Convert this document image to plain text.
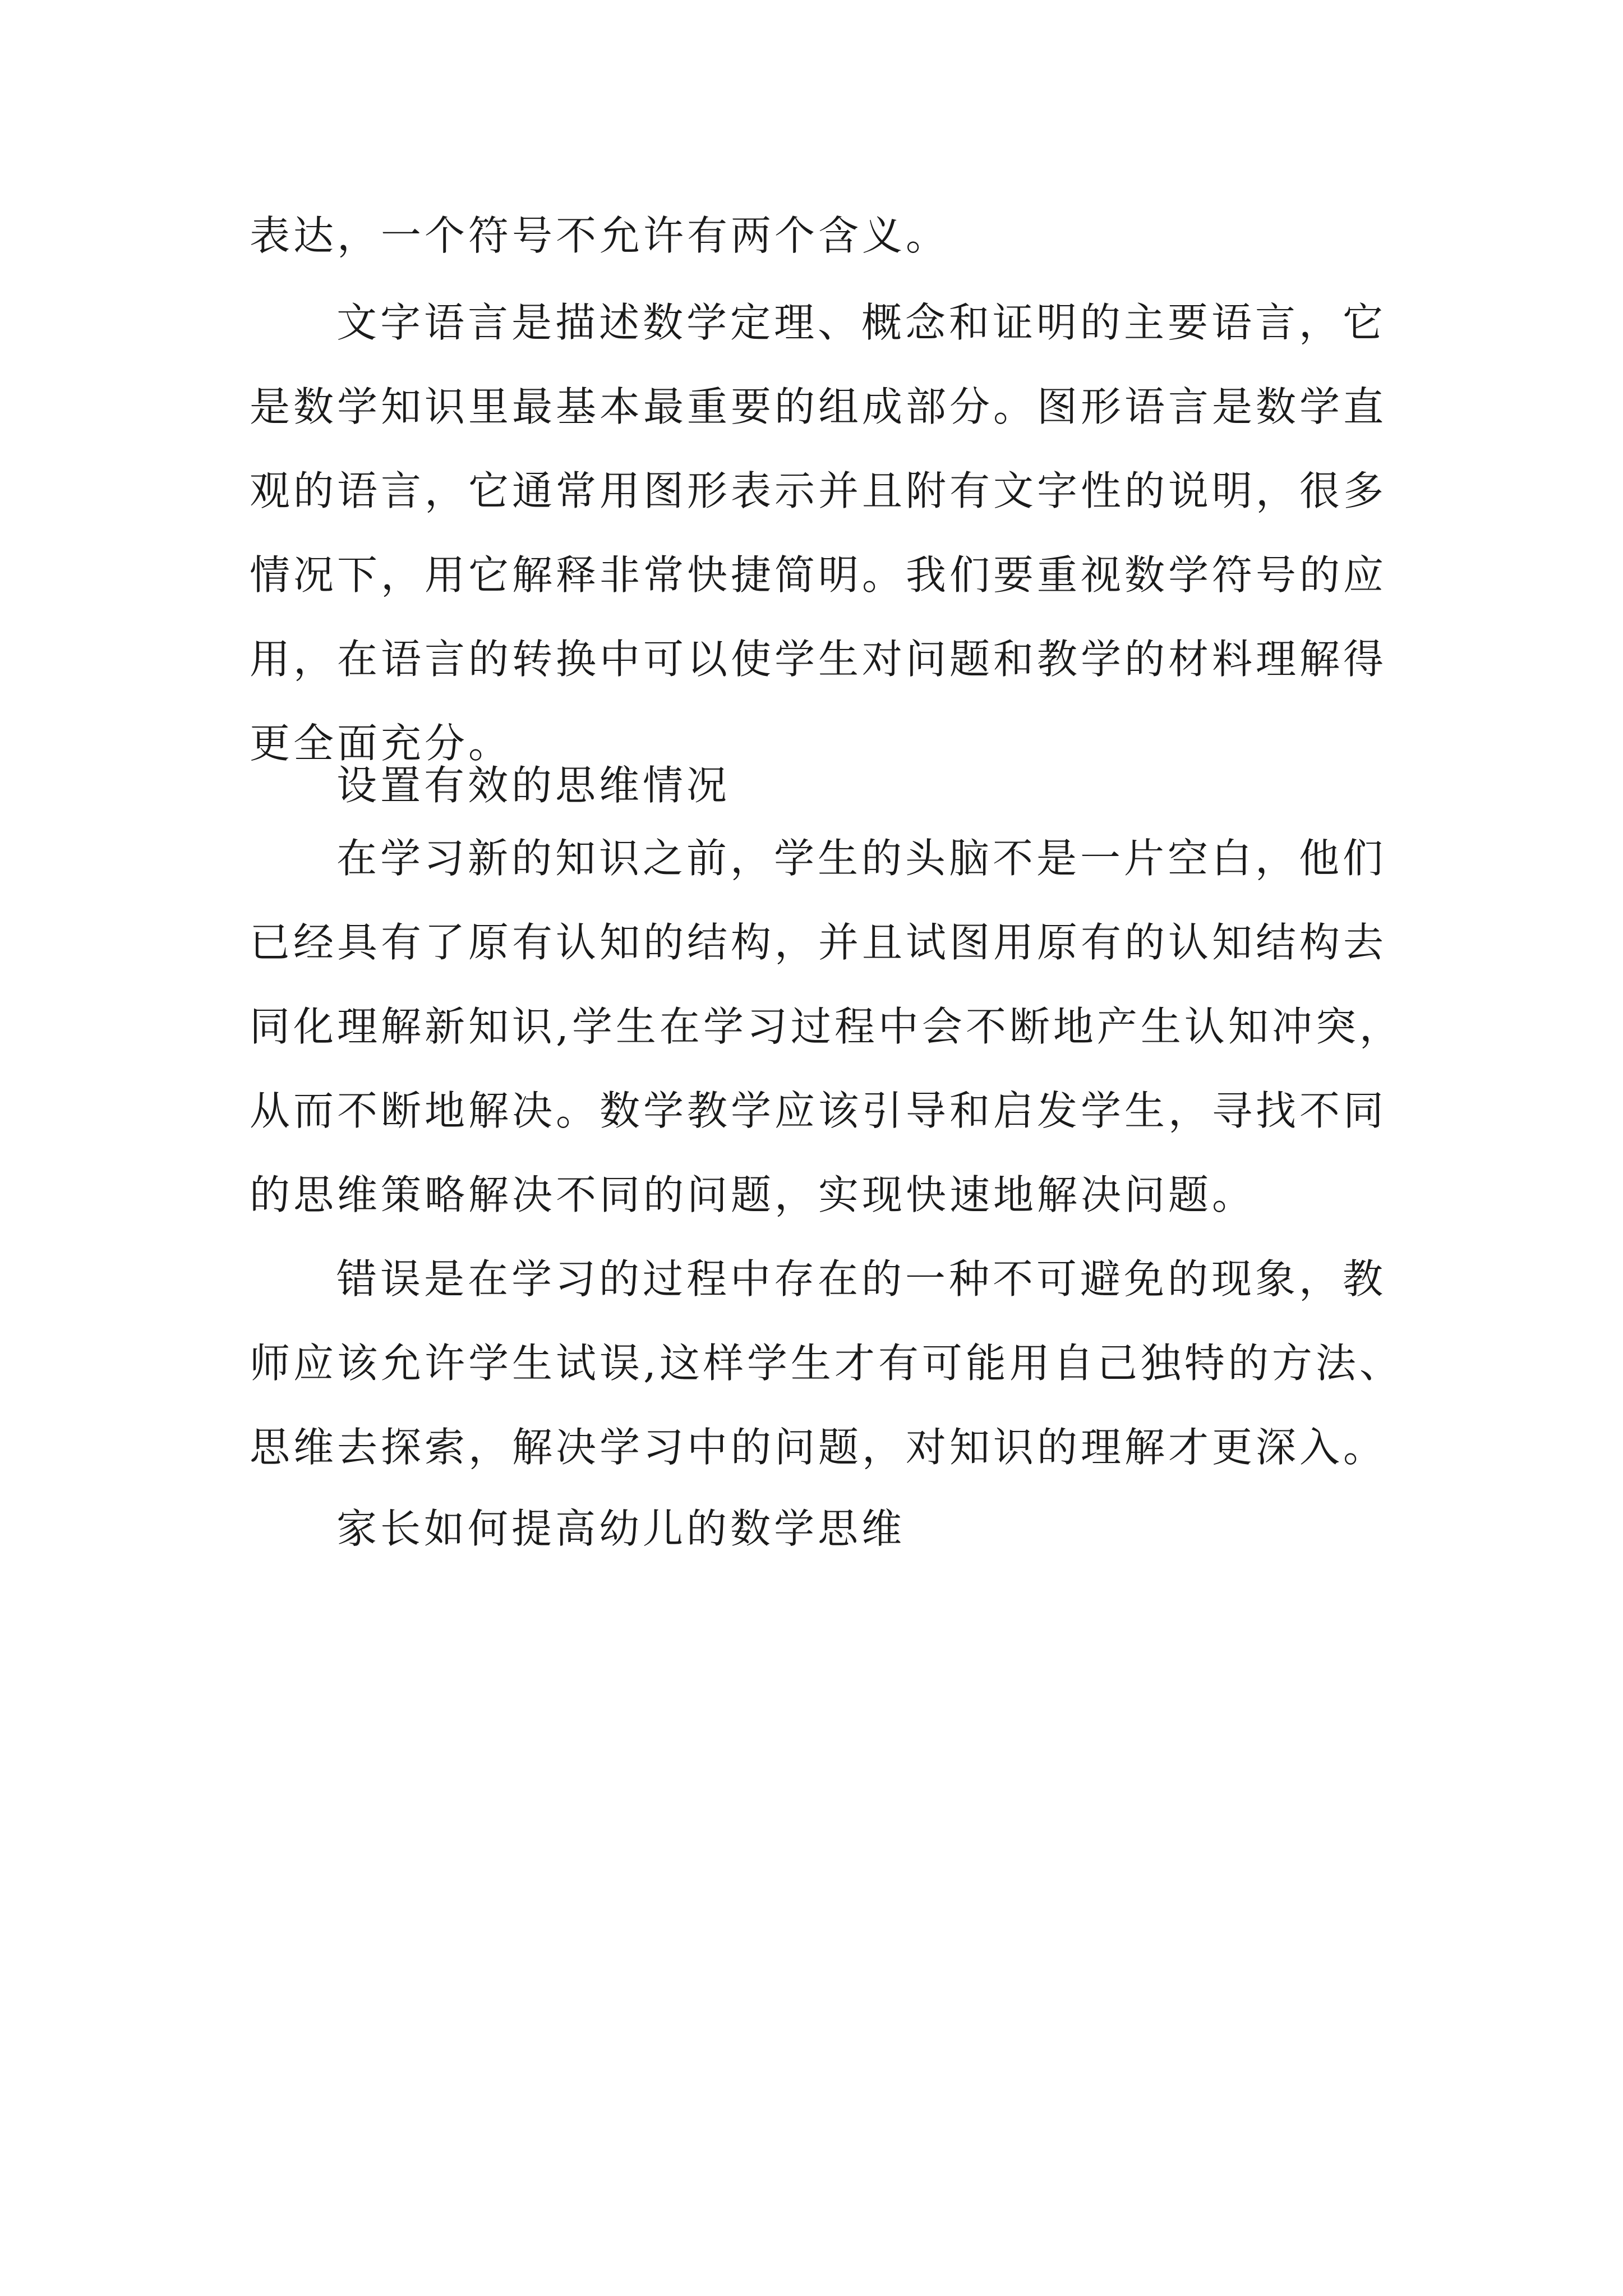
表达，一个符号不允许有两个含义。

文字语言是描述数学定理、概念和证明的主要语言，它

是数学知识里最基本最重要的组成部分。图形语言是数学直

观的语言，它通常用图形表示并且附有文字性的说明，很多

情况下，用它解释非常快捷简明。我们要重视数学符号的应

用，在语言的转换中可以使学生对问题和教学的材料理解得

更全面充分。

设置有效的思维情况

在学习新的知识之前，学生的头脑不是一片空白，他们

已经具有了原有认知的结构，并且试图用原有的认知结构去

同化理解新知识,学生在学习过程中会不断地产生认知冲突，

从而不断地解决。数学教学应该引导和启发学生，寻找不同

的思维策略解决不同的问题，实现快速地解决问题。

错误是在学习的过程中存在的一种不可避免的现象，教

师应该允许学生试误,这样学生才有可能用自己独特的方法、

思维去探索，解决学习中的问题，对知识的理解才更深入。

家长如何提高幼儿的数学思维
